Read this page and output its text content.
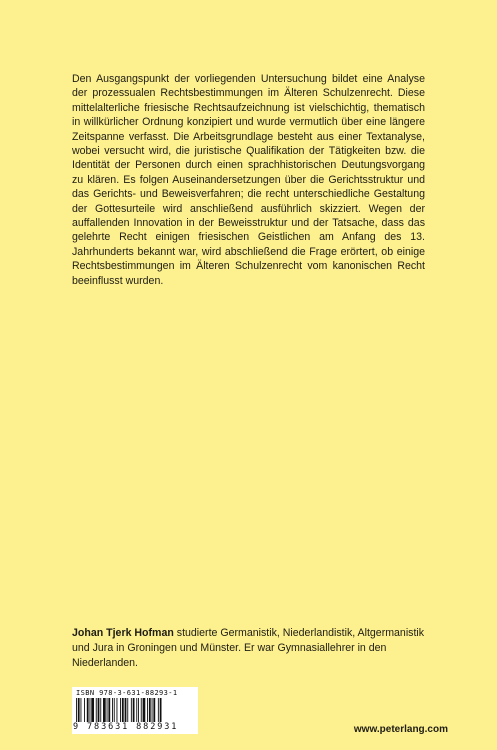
Den Ausgangspunkt der vorliegenden Untersuchung bildet eine Analyse der prozessualen Rechtsbestimmungen im Älteren Schulzenrecht. Diese mittelalterliche friesische Rechtsaufzeichnung ist vielschichtig, thematisch in willkürlicher Ordnung konzipiert und wurde vermutlich über eine längere Zeitspanne verfasst. Die Arbeitsgrundlage besteht aus einer Textanalyse, wobei versucht wird, die juristische Qualifikation der Tätigkeiten bzw. die Identität der Personen durch einen sprachhistorischen Deutungsvorgang zu klären. Es folgen Auseinandersetzungen über die Gerichtsstruktur und das Gerichts- und Beweisverfahren; die recht unterschiedliche Gestaltung der Gottesurteile wird anschließend ausführlich skizziert. Wegen der auffallenden Innovation in der Beweisstruktur und der Tatsache, dass das gelehrte Recht einigen friesischen Geistlichen am Anfang des 13. Jahrhunderts bekannt war, wird abschließend die Frage erörtert, ob einige Rechtsbestimmungen im Älteren Schulzenrecht vom kanonischen Recht beeinflusst wurden.

Johan Tjerk Hofman studierte Germanistik, Niederlandistik, Altgermanistik und Jura in Groningen und Münster. Er war Gymnasiallehrer in den Niederlanden.

ISBN 978-3-631-88293-1
9 783631 882931	www.peterlang.com
